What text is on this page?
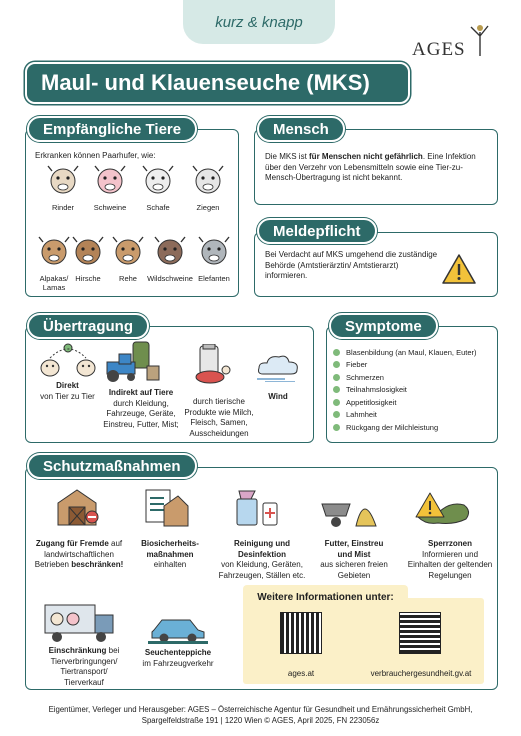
kurz & knapp
AGES
Maul- und Klauenseuche (MKS)
Empfängliche Tiere
Erkranken können Paarhufer, wie:
Rinder	Schweine	Schafe	Ziegen
Alpakas/ Lamas
Hirsche	Rehe	Wildschweine Elefanten
Mensch
Die MKS ist für Menschen nicht gefährlich. Eine Infektion über den Verzehr von Lebensmitteln sowie eine Tier-zu-Mensch-Übertragung ist nicht bekannt.
Meldepflicht
Bei Verdacht auf MKS umgehend die zuständige Behörde (Amtstierärztin/ Amtstierarzt) informieren.
Übertragung
Direkt
von Tier zu Tier	Indirekt auf Tiere
durch Kleidung, Fahrzeuge, Geräte, Einstreu, Futter, Mist;
durch tierische Produkte wie Milch, Fleisch, Samen, Ausscheidungen
Wind
Symptome
Blasenbildung (an Maul, Klauen, Euter)
Fieber
Schmerzen
Teilnahmslosigkeit
Appetitlosigkeit
Lahmheit
Rückgang der Milchleistung
Schutzmaßnahmen
Zugang für Fremde auf landwirtschaftlichen Betrieben beschränken!
Biosicherheits-maßnahmen
einhalten
Reinigung und Desinfektion
von Kleidung, Geräten, Fahrzeugen, Ställen etc.
Futter, Einstreu und Mist
aus sicheren freien Gebieten
Sperrzonen
Informieren und Einhalten der geltenden Regelungen
Einschränkung bei Tierverbringungen/ Tiertransport/ Tierverkauf
Seuchenteppiche
im Fahrzeugverkehr
Weitere Informationen unter:
ages.at	verbrauchergesundheit.gv.at
Eigentümer, Verleger und Herausgeber: AGES – Österreichische Agentur für Gesundheit und Ernährungssicherheit GmbH,
Spargelfeldstraße 191 | 1220 Wien © AGES, April 2025, FN 223056z
